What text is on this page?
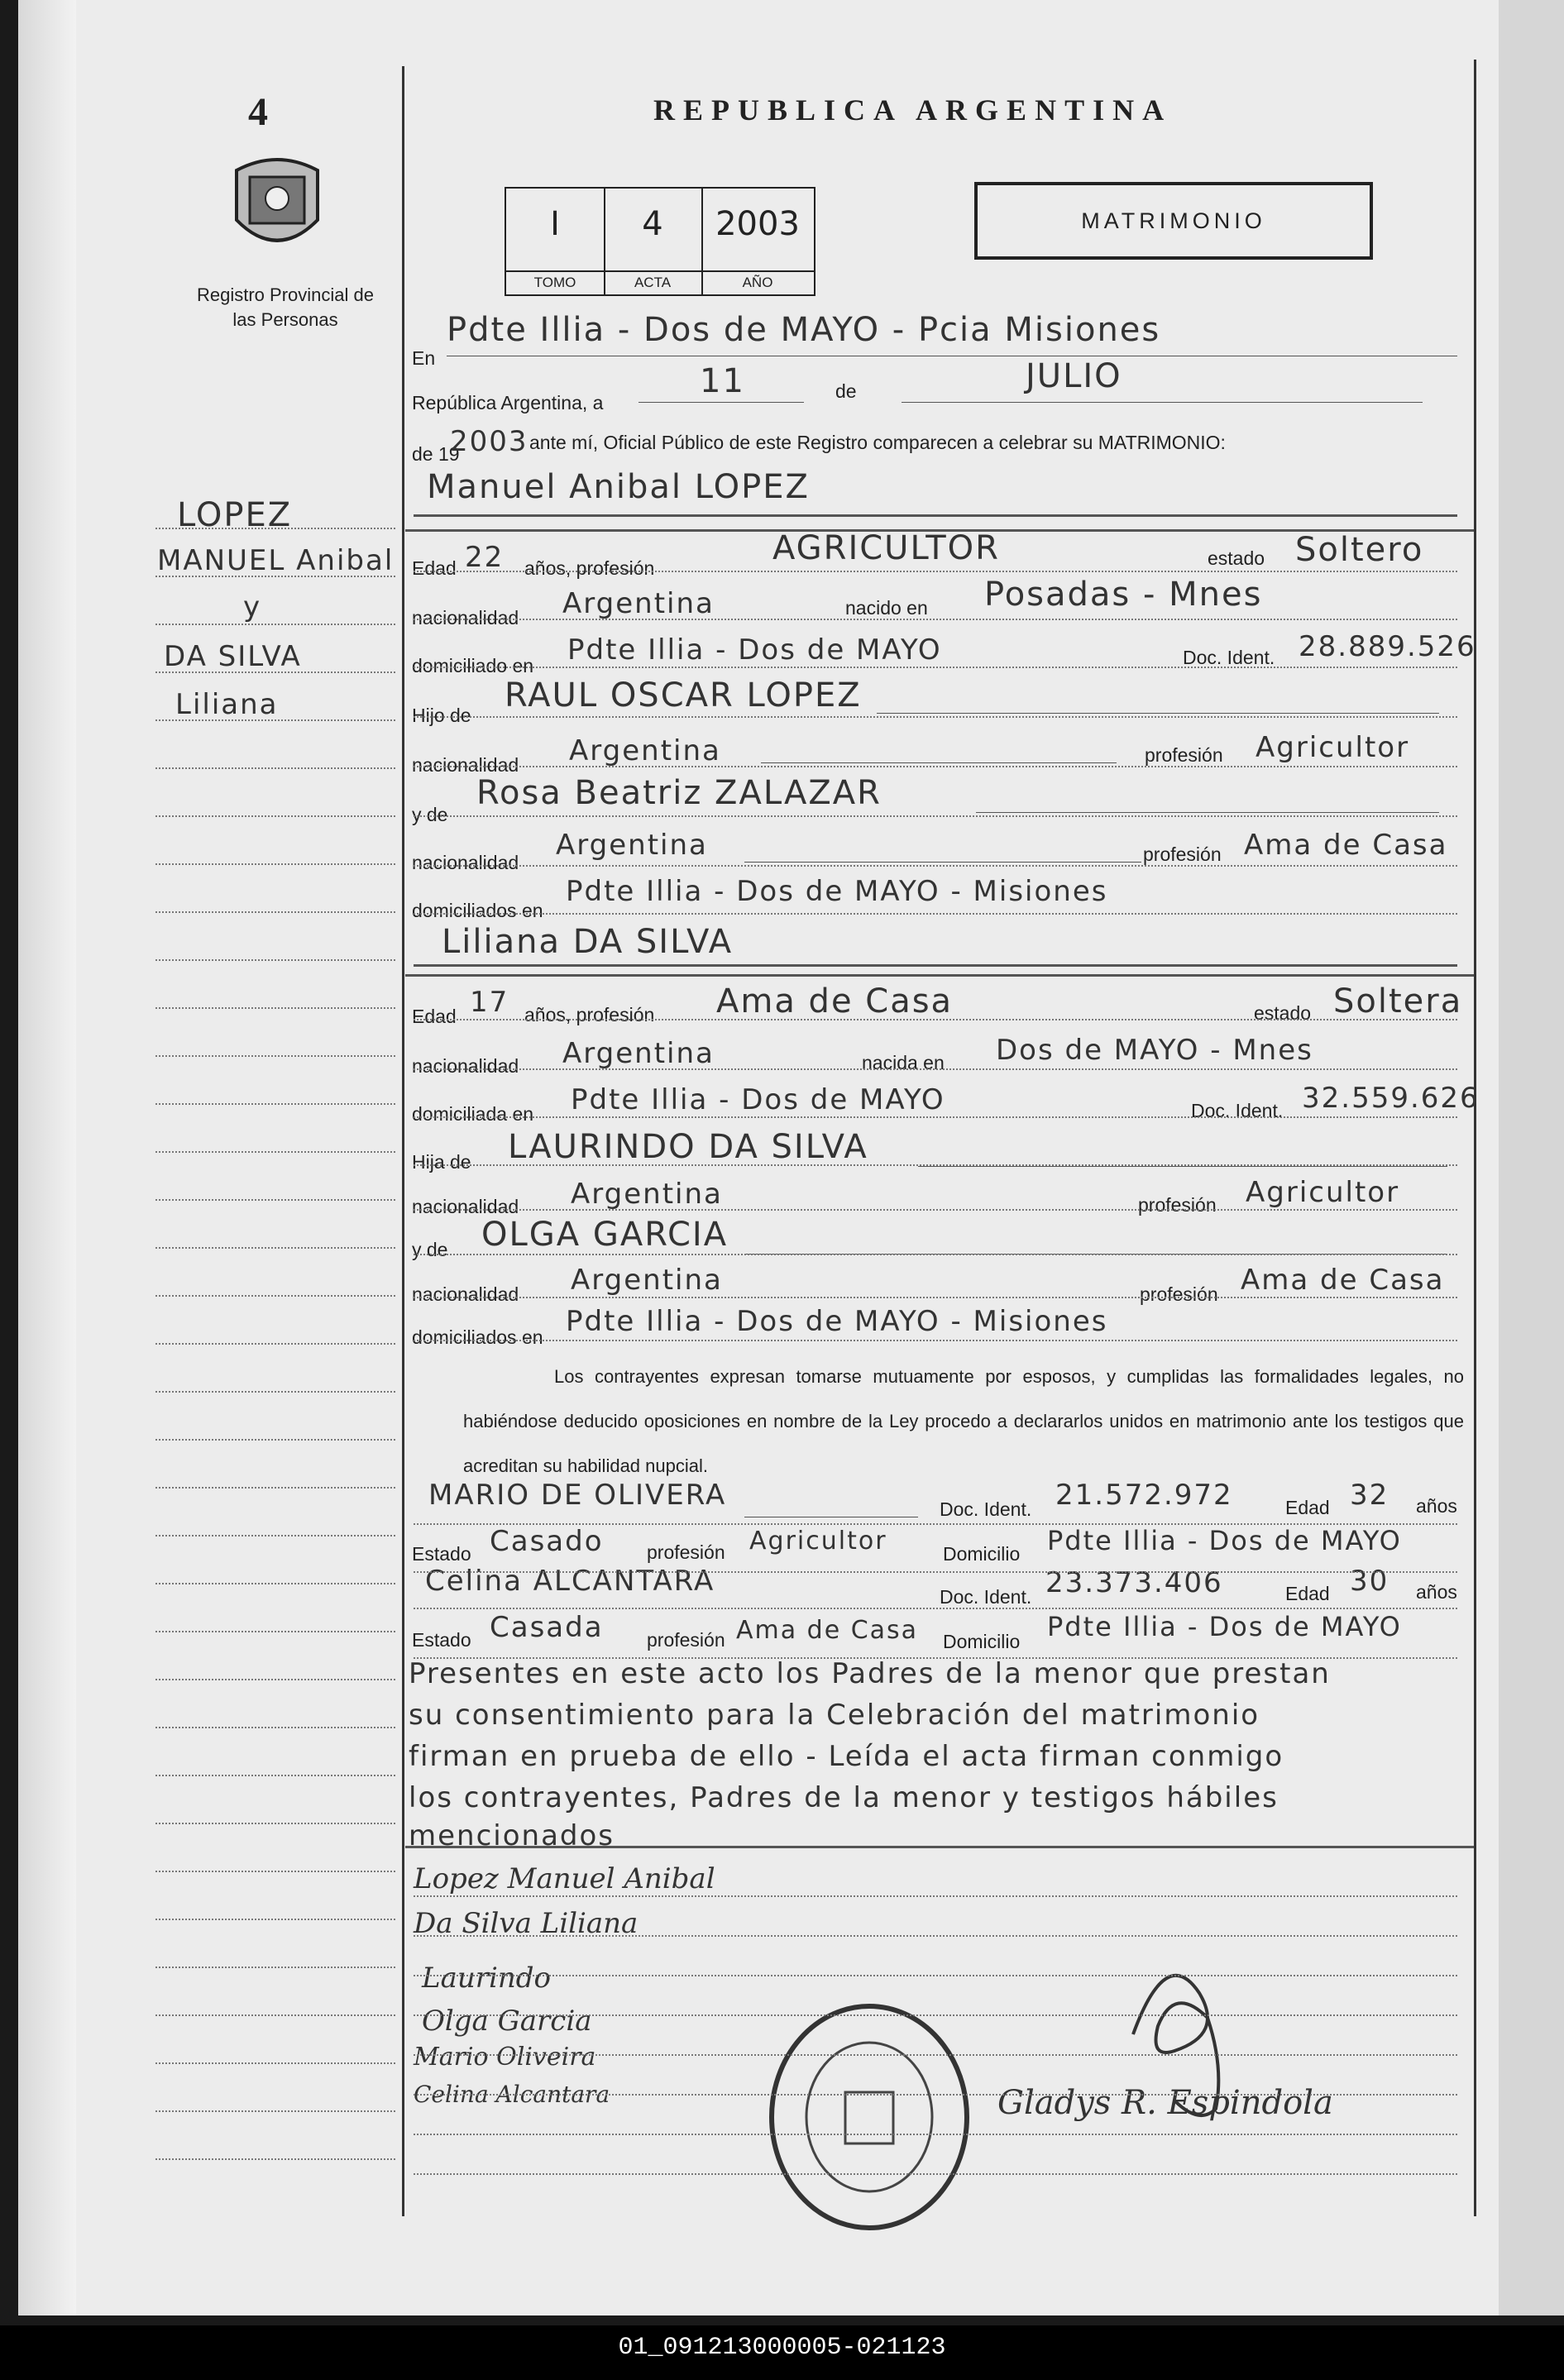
4	REPUBLICA ARGENTINA
Registro Provincial de las Personas
I
TOMO
4
ACTA
2003
AÑO
MATRIMONIO
En
Pdte Illia - Dos de MAYO - Pcia Misiones
República Argentina, a
11	de	JULIO
de 19
2003 ante mí, Oficial Público de este Registro comparecen a celebrar su MATRIMONIO:
Manuel Anibal LOPEZ
Edad 22 años, profesión
AGRICULTOR	estado Soltero
nacionalidad Argentina	nacido en Posadas - Mnes
domiciliado en Pdte Illia - Dos de MAYO	Doc. Ident. 28.889.526
Hijo de
RAUL OSCAR LOPEZ
nacionalidad Argentina	profesión Agricultor
y de
Rosa Beatriz ZALAZAR
nacionalidad
Argentina	profesión Ama de Casa
domiciliados en
Pdte Illia - Dos de MAYO - Misiones
Liliana DA SILVA
Edad 17 años, profesión Ama de Casa	estado Soltera
nacionalidad Argentina	nacida en Dos de MAYO - Mnes
domiciliada en Pdte Illia - Dos de MAYO	Doc. Ident. 32.559.626
Hija de LAURINDO DA SILVA
nacionalidad Argentina	profesión Agricultor
y de OLGA GARCIA
nacionalidad Argentina	profesión Ama de Casa
domiciliados en Pdte Illia - Dos de MAYO - Misiones
Los contrayentes expresan tomarse mutuamente por esposos, y cumplidas las formalidades legales, no habiéndose deducido oposiciones en nombre de la Ley procedo a declararlos unidos en matrimonio ante los testigos que acreditan su habilidad nupcial.
MARIO DE OLIVERA	Doc. Ident. 21.572.972	Edad 32 años
Estado Casado profesión Agricultor	Domicilio Pdte Illia - Dos de MAYO
Celina ALCANTARA	Doc. Ident. 23.373.406	Edad 30 años
Estado Casada profesión Ama de Casa Domicilio Pdte Illia - Dos de MAYO
Presentes en este acto los Padres de la menor que prestan
su consentimiento para la Celebración del matrimonio
firman en prueba de ello - Leída el acta firman conmigo
los contrayentes, Padres de la menor y testigos hábiles
mencionados
Lopez Manuel Anibal
Da Silva Liliana
Laurindo
Olga Garcia
Mario Oliveira
Celina Alcantara	Gladys R. Espindola
LOPEZ
MANUEL Anibal
y
DA SILVA
Liliana
01_091213000005-021123
